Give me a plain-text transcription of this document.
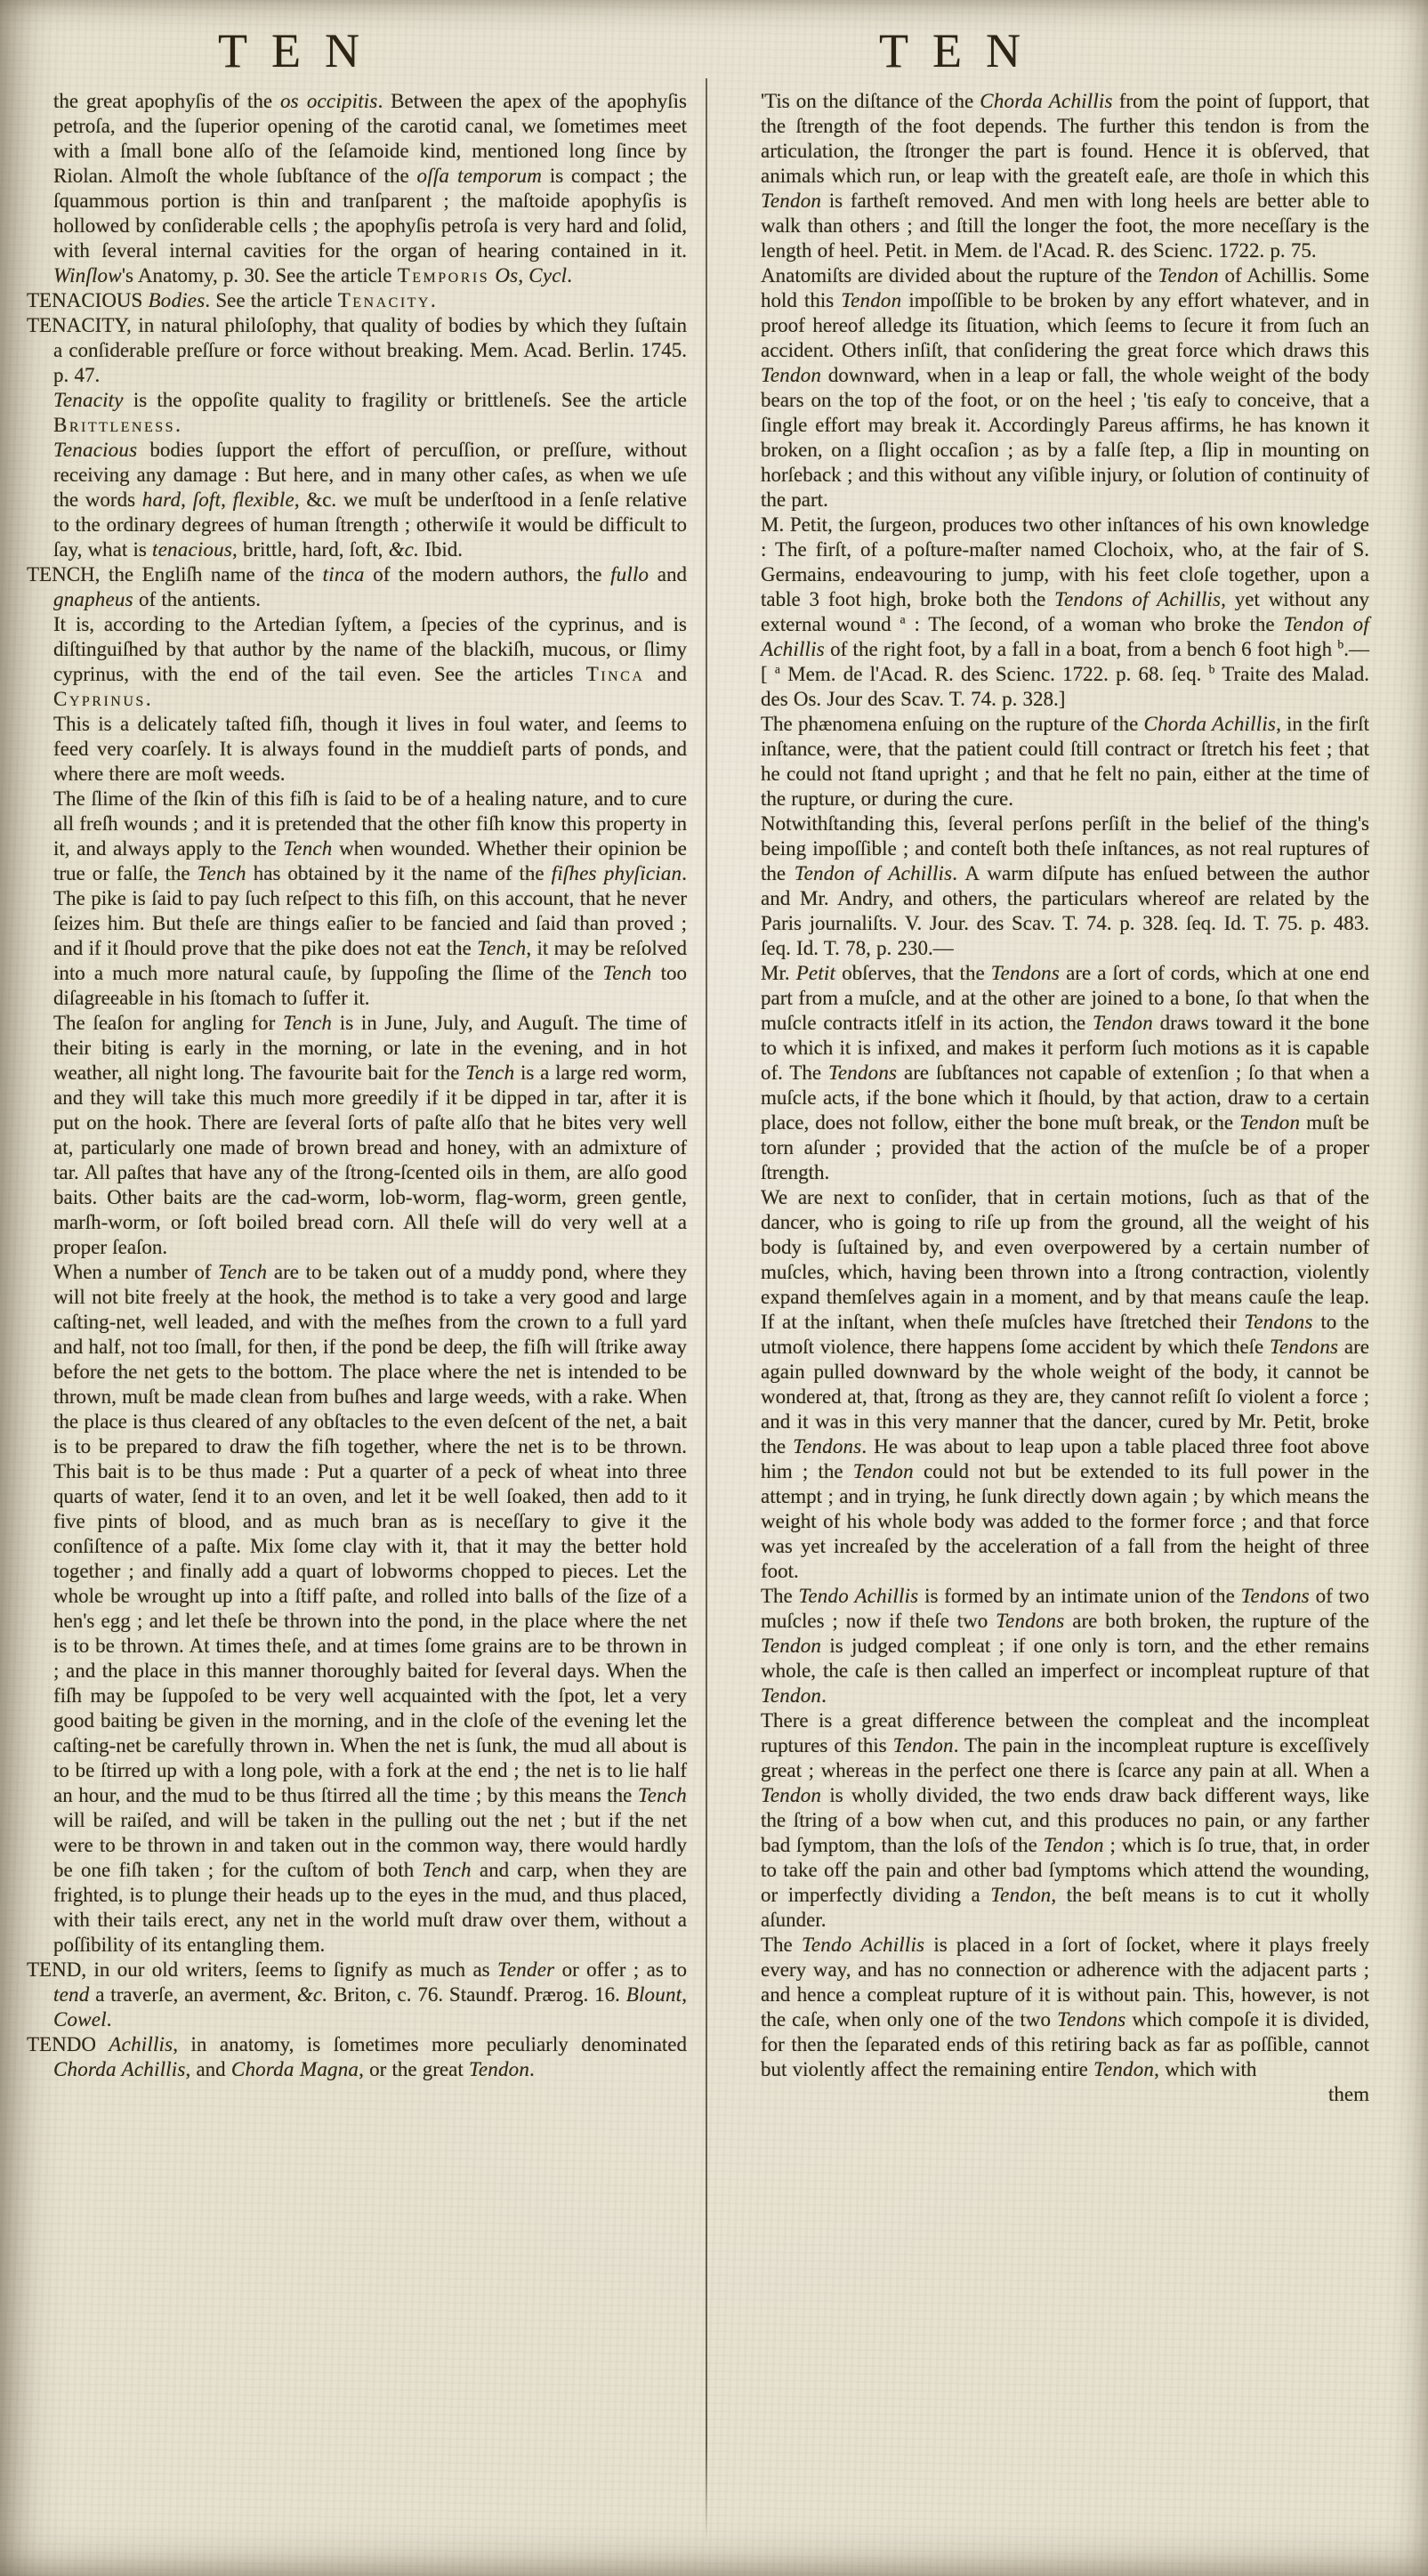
TEN
the great apophyſis of the os occipitis. Between the apex of the apophyſis petroſa, and the ſuperior opening of the carotid canal, we ſometimes meet with a ſmall bone alſo of the ſeſamoide kind, mentioned long ſince by Riolan. Almoſt the whole ſubſtance of the oſſa temporum is compact ; the ſquammous portion is thin and tranſparent ; the maſtoide apophyſis is hollowed by conſiderable cells ; the apophyſis petroſa is very hard and ſolid, with ſeveral internal cavities for the organ of hearing contained in it. Winſlow's Anatomy, p. 30. See the article Temporis Os, Cycl.
TENACIOUS Bodies. See the article Tenacity.
TENACITY, in natural philoſophy, that quality of bodies by which they ſuſtain a conſiderable preſſure or force without breaking. Mem. Acad. Berlin. 1745. p. 47.
Tenacity is the oppoſite quality to fragility or brittleneſs. See the article Brittleness.
Tenacious bodies ſupport the effort of percuſſion, or preſſure, without receiving any damage : But here, and in many other caſes, as when we uſe the words hard, ſoft, flexible, &c. we muſt be underſtood in a ſenſe relative to the ordinary degrees of human ſtrength ; otherwiſe it would be difficult to ſay, what is tenacious, brittle, hard, ſoft, &c. Ibid.
TENCH, the Engliſh name of the tinca of the modern authors, the fullo and gnapheus of the antients.
It is, according to the Artedian ſyſtem, a ſpecies of the cyprinus, and is diſtinguiſhed by that author by the name of the blackiſh, mucous, or ſlimy cyprinus, with the end of the tail even. See the articles Tinca and Cyprinus.
This is a delicately taſted fiſh, though it lives in foul water, and ſeems to feed very coarſely. It is always found in the muddieſt parts of ponds, and where there are moſt weeds.
The ſlime of the ſkin of this fiſh is ſaid to be of a healing nature, and to cure all freſh wounds ; and it is pretended that the other fiſh know this property in it, and always apply to the Tench when wounded. Whether their opinion be true or falſe, the Tench has obtained by it the name of the fiſhes phyſician. The pike is ſaid to pay ſuch reſpect to this fiſh, on this account, that he never ſeizes him. But theſe are things eaſier to be fancied and ſaid than proved ; and if it ſhould prove that the pike does not eat the Tench, it may be reſolved into a much more natural cauſe, by ſuppoſing the ſlime of the Tench too diſagreeable in his ſtomach to ſuffer it.
The ſeaſon for angling for Tench is in June, July, and Auguſt. The time of their biting is early in the morning, or late in the evening, and in hot weather, all night long. The favourite bait for the Tench is a large red worm, and they will take this much more greedily if it be dipped in tar, after it is put on the hook. There are ſeveral ſorts of paſte alſo that he bites very well at, particularly one made of brown bread and honey, with an admixture of tar. All paſtes that have any of the ſtrong-ſcented oils in them, are alſo good baits. Other baits are the cad-worm, lob-worm, flag-worm, green gentle, marſh-worm, or ſoft boiled bread corn. All theſe will do very well at a proper ſeaſon.
When a number of Tench are to be taken out of a muddy pond, where they will not bite freely at the hook, the method is to take a very good and large caſting-net, well leaded, and with the meſhes from the crown to a full yard and half, not too ſmall, for then, if the pond be deep, the fiſh will ſtrike away before the net gets to the bottom. The place where the net is intended to be thrown, muſt be made clean from buſhes and large weeds, with a rake. When the place is thus cleared of any obſtacles to the even deſcent of the net, a bait is to be prepared to draw the fiſh together, where the net is to be thrown. This bait is to be thus made : Put a quarter of a peck of wheat into three quarts of water, ſend it to an oven, and let it be well ſoaked, then add to it five pints of blood, and as much bran as is neceſſary to give it the conſiſtence of a paſte. Mix ſome clay with it, that it may the better hold together ; and finally add a quart of lobworms chopped to pieces. Let the whole be wrought up into a ſtiff paſte, and rolled into balls of the ſize of a hen's egg ; and let theſe be thrown into the pond, in the place where the net is to be thrown. At times theſe, and at times ſome grains are to be thrown in ; and the place in this manner thoroughly baited for ſeveral days. When the fiſh may be ſuppoſed to be very well acquainted with the ſpot, let a very good baiting be given in the morning, and in the cloſe of the evening let the caſting-net be carefully thrown in. When the net is ſunk, the mud all about is to be ſtirred up with a long pole, with a fork at the end ; the net is to lie half an hour, and the mud to be thus ſtirred all the time ; by this means the Tench will be raiſed, and will be taken in the pulling out the net ; but if the net were to be thrown in and taken out in the common way, there would hardly be one fiſh taken ; for the cuſtom of both Tench and carp, when they are frighted, is to plunge their heads up to the eyes in the mud, and thus placed, with their tails erect, any net in the world muſt draw over them, without a poſſibility of its entangling them.
TEND, in our old writers, ſeems to ſignify as much as Tender or offer ; as to tend a traverſe, an averment, &c. Briton, c. 76. Staundf. Prærog. 16. Blount, Cowel.
TENDO Achillis, in anatomy, is ſometimes more peculiarly denominated Chorda Achillis, and Chorda Magna, or the great Tendon.
TEN
'Tis on the diſtance of the Chorda Achillis from the point of ſupport, that the ſtrength of the foot depends. The further this tendon is from the articulation, the ſtronger the part is found. Hence it is obſerved, that animals which run, or leap with the greateſt eaſe, are thoſe in which this Tendon is fartheſt removed. And men with long heels are better able to walk than others ; and ſtill the longer the foot, the more neceſſary is the length of heel. Petit. in Mem. de l'Acad. R. des Scienc. 1722. p. 75.
Anatomiſts are divided about the rupture of the Tendon of Achillis. Some hold this Tendon impoſſible to be broken by any effort whatever, and in proof hereof alledge its ſituation, which ſeems to ſecure it from ſuch an accident. Others inſiſt, that conſidering the great force which draws this Tendon downward, when in a leap or fall, the whole weight of the body bears on the top of the foot, or on the heel ; 'tis eaſy to conceive, that a ſingle effort may break it. Accordingly Pareus affirms, he has known it broken, on a ſlight occaſion ; as by a falſe ſtep, a ſlip in mounting on horſeback ; and this without any viſible injury, or ſolution of continuity of the part.
M. Petit, the ſurgeon, produces two other inſtances of his own knowledge : The firſt, of a poſture-maſter named Clochoix, who, at the fair of S. Germains, endeavouring to jump, with his feet cloſe together, upon a table 3 foot high, broke both the Tendons of Achillis, yet without any external wound $^a$ : The ſecond, of a woman who broke the Tendon of Achillis of the right foot, by a fall in a boat, from a bench 6 foot high $^b$.—[ $^a$ Mem. de l'Acad. R. des Scienc. 1722. p. 68. ſeq. $^b$ Traite des Malad. des Os. Jour des Scav. T. 74. p. 328.]
The phænomena enſuing on the rupture of the Chorda Achillis, in the firſt inſtance, were, that the patient could ſtill contract or ſtretch his feet ; that he could not ſtand upright ; and that he felt no pain, either at the time of the rupture, or during the cure.
Notwithſtanding this, ſeveral perſons perſiſt in the belief of the thing's being impoſſible ; and conteſt both theſe inſtances, as not real ruptures of the Tendon of Achillis. A warm diſpute has enſued between the author and Mr. Andry, and others, the particulars whereof are related by the Paris journaliſts. V. Jour. des Scav. T. 74. p. 328. ſeq. Id. T. 75. p. 483. ſeq. Id. T. 78, p. 230.—
Mr. Petit obſerves, that the Tendons are a ſort of cords, which at one end part from a muſcle, and at the other are joined to a bone, ſo that when the muſcle contracts itſelf in its action, the Tendon draws toward it the bone to which it is infixed, and makes it perform ſuch motions as it is capable of. The Tendons are ſubſtances not capable of extenſion ; ſo that when a muſcle acts, if the bone which it ſhould, by that action, draw to a certain place, does not follow, either the bone muſt break, or the Tendon muſt be torn aſunder ; provided that the action of the muſcle be of a proper ſtrength.
We are next to conſider, that in certain motions, ſuch as that of the dancer, who is going to riſe up from the ground, all the weight of his body is ſuſtained by, and even overpowered by a certain number of muſcles, which, having been thrown into a ſtrong contraction, violently expand themſelves again in a moment, and by that means cauſe the leap. If at the inſtant, when theſe muſcles have ſtretched their Tendons to the utmoſt violence, there happens ſome accident by which theſe Tendons are again pulled downward by the whole weight of the body, it cannot be wondered at, that, ſtrong as they are, they cannot reſiſt ſo violent a force ; and it was in this very manner that the dancer, cured by Mr. Petit, broke the Tendons. He was about to leap upon a table placed three foot above him ; the Tendon could not but be extended to its full power in the attempt ; and in trying, he ſunk directly down again ; by which means the weight of his whole body was added to the former force ; and that force was yet increaſed by the acceleration of a fall from the height of three foot.
The Tendo Achillis is formed by an intimate union of the Tendons of two muſcles ; now if theſe two Tendons are both broken, the rupture of the Tendon is judged compleat ; if one only is torn, and the ether remains whole, the caſe is then called an imperfect or incompleat rupture of that Tendon.
There is a great difference between the compleat and the incompleat ruptures of this Tendon. The pain in the incompleat rupture is exceſſively great ; whereas in the perfect one there is ſcarce any pain at all. When a Tendon is wholly divided, the two ends draw back different ways, like the ſtring of a bow when cut, and this produces no pain, or any farther bad ſymptom, than the loſs of the Tendon ; which is ſo true, that, in order to take off the pain and other bad ſymptoms which attend the wounding, or imperfectly dividing a Tendon, the beſt means is to cut it wholly aſunder.
The Tendo Achillis is placed in a ſort of ſocket, where it plays freely every way, and has no connection or adherence with the adjacent parts ; and hence a compleat rupture of it is without pain. This, however, is not the caſe, when only one of the two Tendons which compoſe it is divided, for then the ſeparated ends of this retiring back as far as poſſible, cannot but violently affect the remaining entire Tendon, which with
them
